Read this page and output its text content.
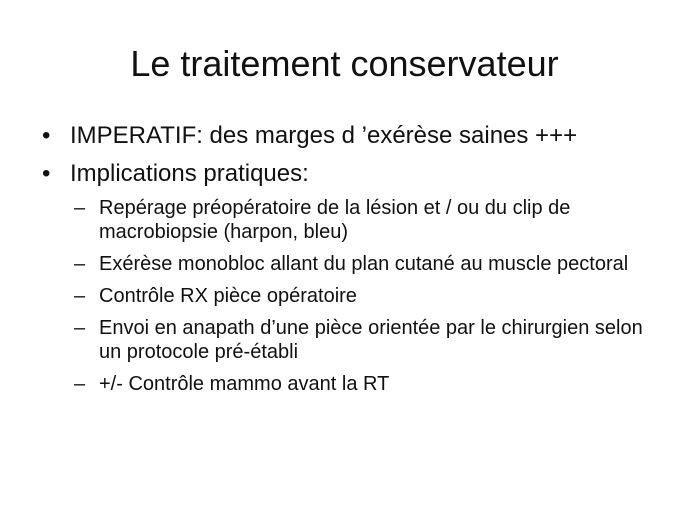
Le traitement conservateur
• IMPERATIF: des marges d ’exérèse saines +++
• Implications pratiques:
– Repérage préopératoire de la lésion et / ou du clip de macrobiopsie (harpon, bleu)
– Exérèse monobloc allant du plan cutané au muscle pectoral
– Contrôle RX pièce opératoire
– Envoi en anapath d’une pièce orientée par le chirurgien selon un protocole pré-établi
– +/- Contrôle mammo avant la RT
